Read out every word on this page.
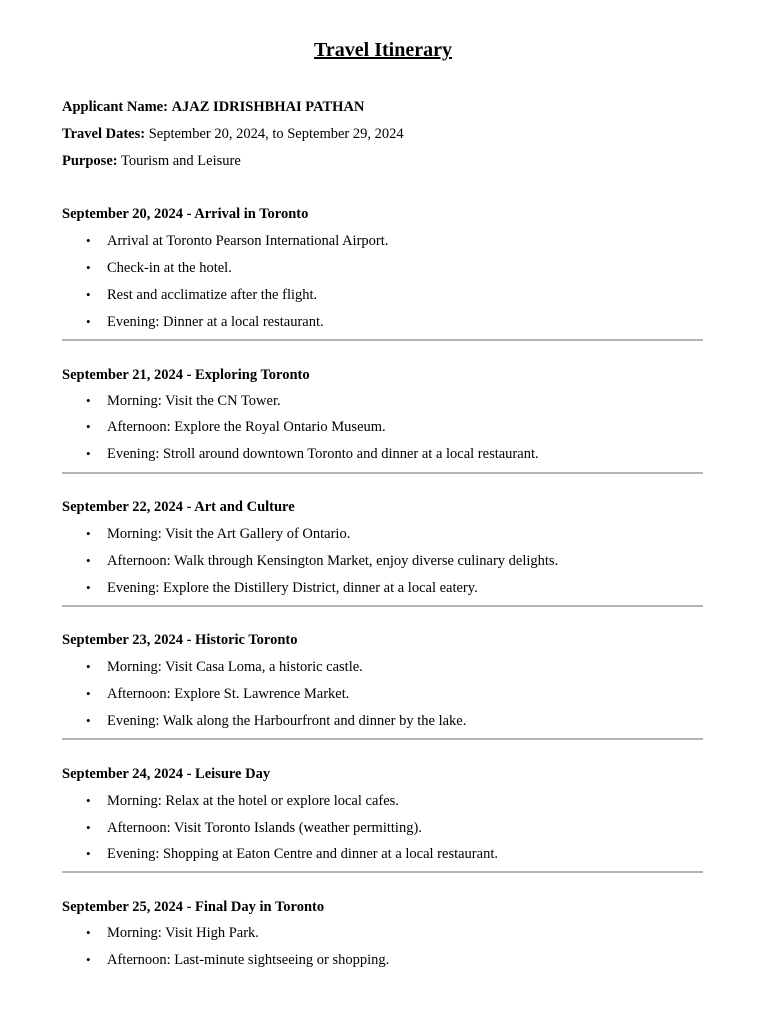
Travel Itinerary
Applicant Name: AJAZ IDRISHBHAI PATHAN
Travel Dates: September 20, 2024, to September 29, 2024
Purpose: Tourism and Leisure
September 20, 2024 - Arrival in Toronto
• Arrival at Toronto Pearson International Airport.
• Check-in at the hotel.
• Rest and acclimatize after the flight.
• Evening: Dinner at a local restaurant.
September 21, 2024 - Exploring Toronto
• Morning: Visit the CN Tower.
• Afternoon: Explore the Royal Ontario Museum.
• Evening: Stroll around downtown Toronto and dinner at a local restaurant.
September 22, 2024 - Art and Culture
• Morning: Visit the Art Gallery of Ontario.
• Afternoon: Walk through Kensington Market, enjoy diverse culinary delights.
• Evening: Explore the Distillery District, dinner at a local eatery.
September 23, 2024 - Historic Toronto
• Morning: Visit Casa Loma, a historic castle.
• Afternoon: Explore St. Lawrence Market.
• Evening: Walk along the Harbourfront and dinner by the lake.
September 24, 2024 - Leisure Day
• Morning: Relax at the hotel or explore local cafes.
• Afternoon: Visit Toronto Islands (weather permitting).
• Evening: Shopping at Eaton Centre and dinner at a local restaurant.
September 25, 2024 - Final Day in Toronto
• Morning: Visit High Park.
• Afternoon: Last-minute sightseeing or shopping.
